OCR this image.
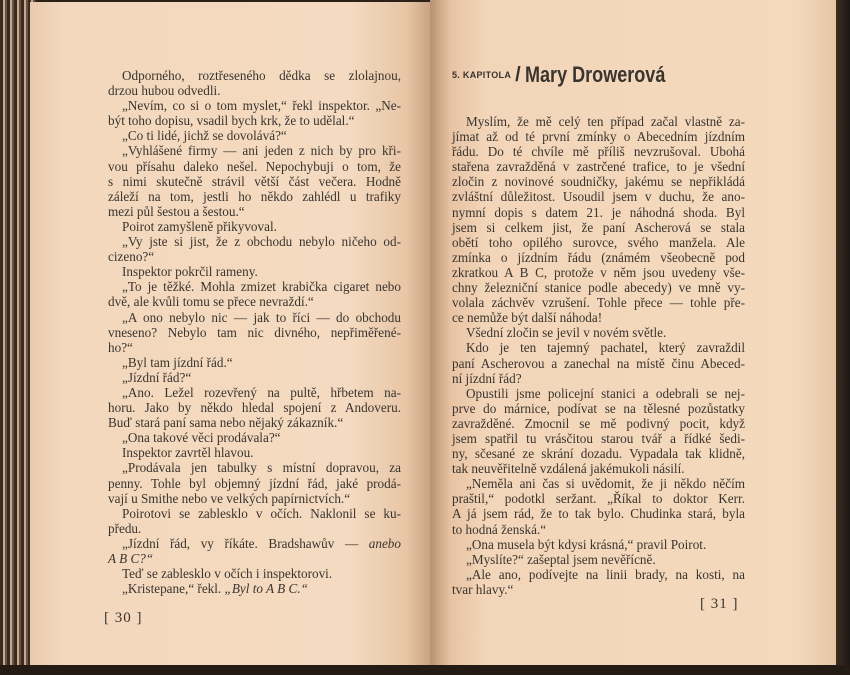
Odporného, roztřeseného dědka se zlolajnou,
drzou hubou odvedli.
„Nevím, co si o tom myslet,“ řekl inspektor. „Ne-
být toho dopisu, vsadil bych krk, že to udělal.“
„Co ti lidé, jichž se dovolává?“
„Vyhlášené firmy — ani jeden z nich by pro kři-
vou přísahu daleko nešel. Nepochybuji o tom, že
s nimi skutečně strávil větší část večera. Hodně
záleží na tom, jestli ho někdo zahlédl u trafiky
mezi půl šestou a šestou.“
Poirot zamyšleně přikyvoval.
„Vy jste si jist, že z obchodu nebylo ničeho od-
cizeno?“
Inspektor pokrčil rameny.
„To je těžké. Mohla zmizet krabička cigaret nebo
dvě, ale kvůli tomu se přece nevraždí.“
„A ono nebylo nic — jak to říci — do obchodu
vneseno? Nebylo tam nic divného, nepřiměřené-
ho?“
„Byl tam jízdní řád.“
„Jízdní řád?“
„Ano. Ležel rozevřený na pultě, hřbetem na-
horu. Jako by někdo hledal spojení z Andoveru.
Buď stará paní sama nebo nějaký zákazník.“
„Ona takové věci prodávala?“
Inspektor zavrtěl hlavou.
„Prodávala jen tabulky s místní dopravou, za
penny. Tohle byl objemný jízdní řád, jaké prodá-
vají u Smithe nebo ve velkých papírnictvích.“
Poirotovi se zablesklo v očích. Naklonil se ku-
předu.
„Jízdní řád, vy říkáte. Bradshawův — anebo
A B C?“
Teď se zablesklo v očích i inspektorovi.
„Kristepane,“ řekl. „Byl to A B C.“
[ 30 ]
5. KAPITOLA / Mary Drowerová
Myslím, že mě celý ten případ začal vlastně za-
jímat až od té první zmínky o Abecedním jízdním
řádu. Do té chvíle mě příliš nevzrušoval. Ubohá
stařena zavražděná v zastrčené trafice, to je všední
zločin z novinové soudničky, jakému se nepřikládá
zvláštní důležitost. Usoudil jsem v duchu, že ano-
nymní dopis s datem 21. je náhodná shoda. Byl
jsem si celkem jist, že paní Ascherová se stala
obětí toho opilého surovce, svého manžela. Ale
zmínka o jízdním řádu (známém všeobecně pod
zkratkou A B C, protože v něm jsou uvedeny vše-
chny železniční stanice podle abecedy) ve mně vy-
volala záchvěv vzrušení. Tohle přece — tohle pře-
ce nemůže být další náhoda!
Všední zločin se jevil v novém světle.
Kdo je ten tajemný pachatel, který zavraždil
paní Ascherovou a zanechal na místě činu Abeced-
ní jízdní řád?
Opustili jsme policejní stanici a odebrali se nej-
prve do márnice, podívat se na tělesné pozůstatky
zavražděné. Zmocnil se mě podivný pocit, když
jsem spatřil tu vrásčitou starou tvář a řídké šedi-
ny, sčesané ze skrání dozadu. Vypadala tak klidně,
tak neuvěřitelně vzdálená jakémukoli násilí.
„Neměla ani čas si uvědomit, že ji někdo něčím
praštil,“ podotkl seržant. „Říkal to doktor Kerr.
A já jsem rád, že to tak bylo. Chudinka stará, byla
to hodná ženská.“
„Ona musela být kdysi krásná,“ pravil Poirot.
„Myslíte?“ zašeptal jsem nevěřícně.
„Ale ano, podívejte na linii brady, na kosti, na
tvar hlavy.“
[ 31 ]
